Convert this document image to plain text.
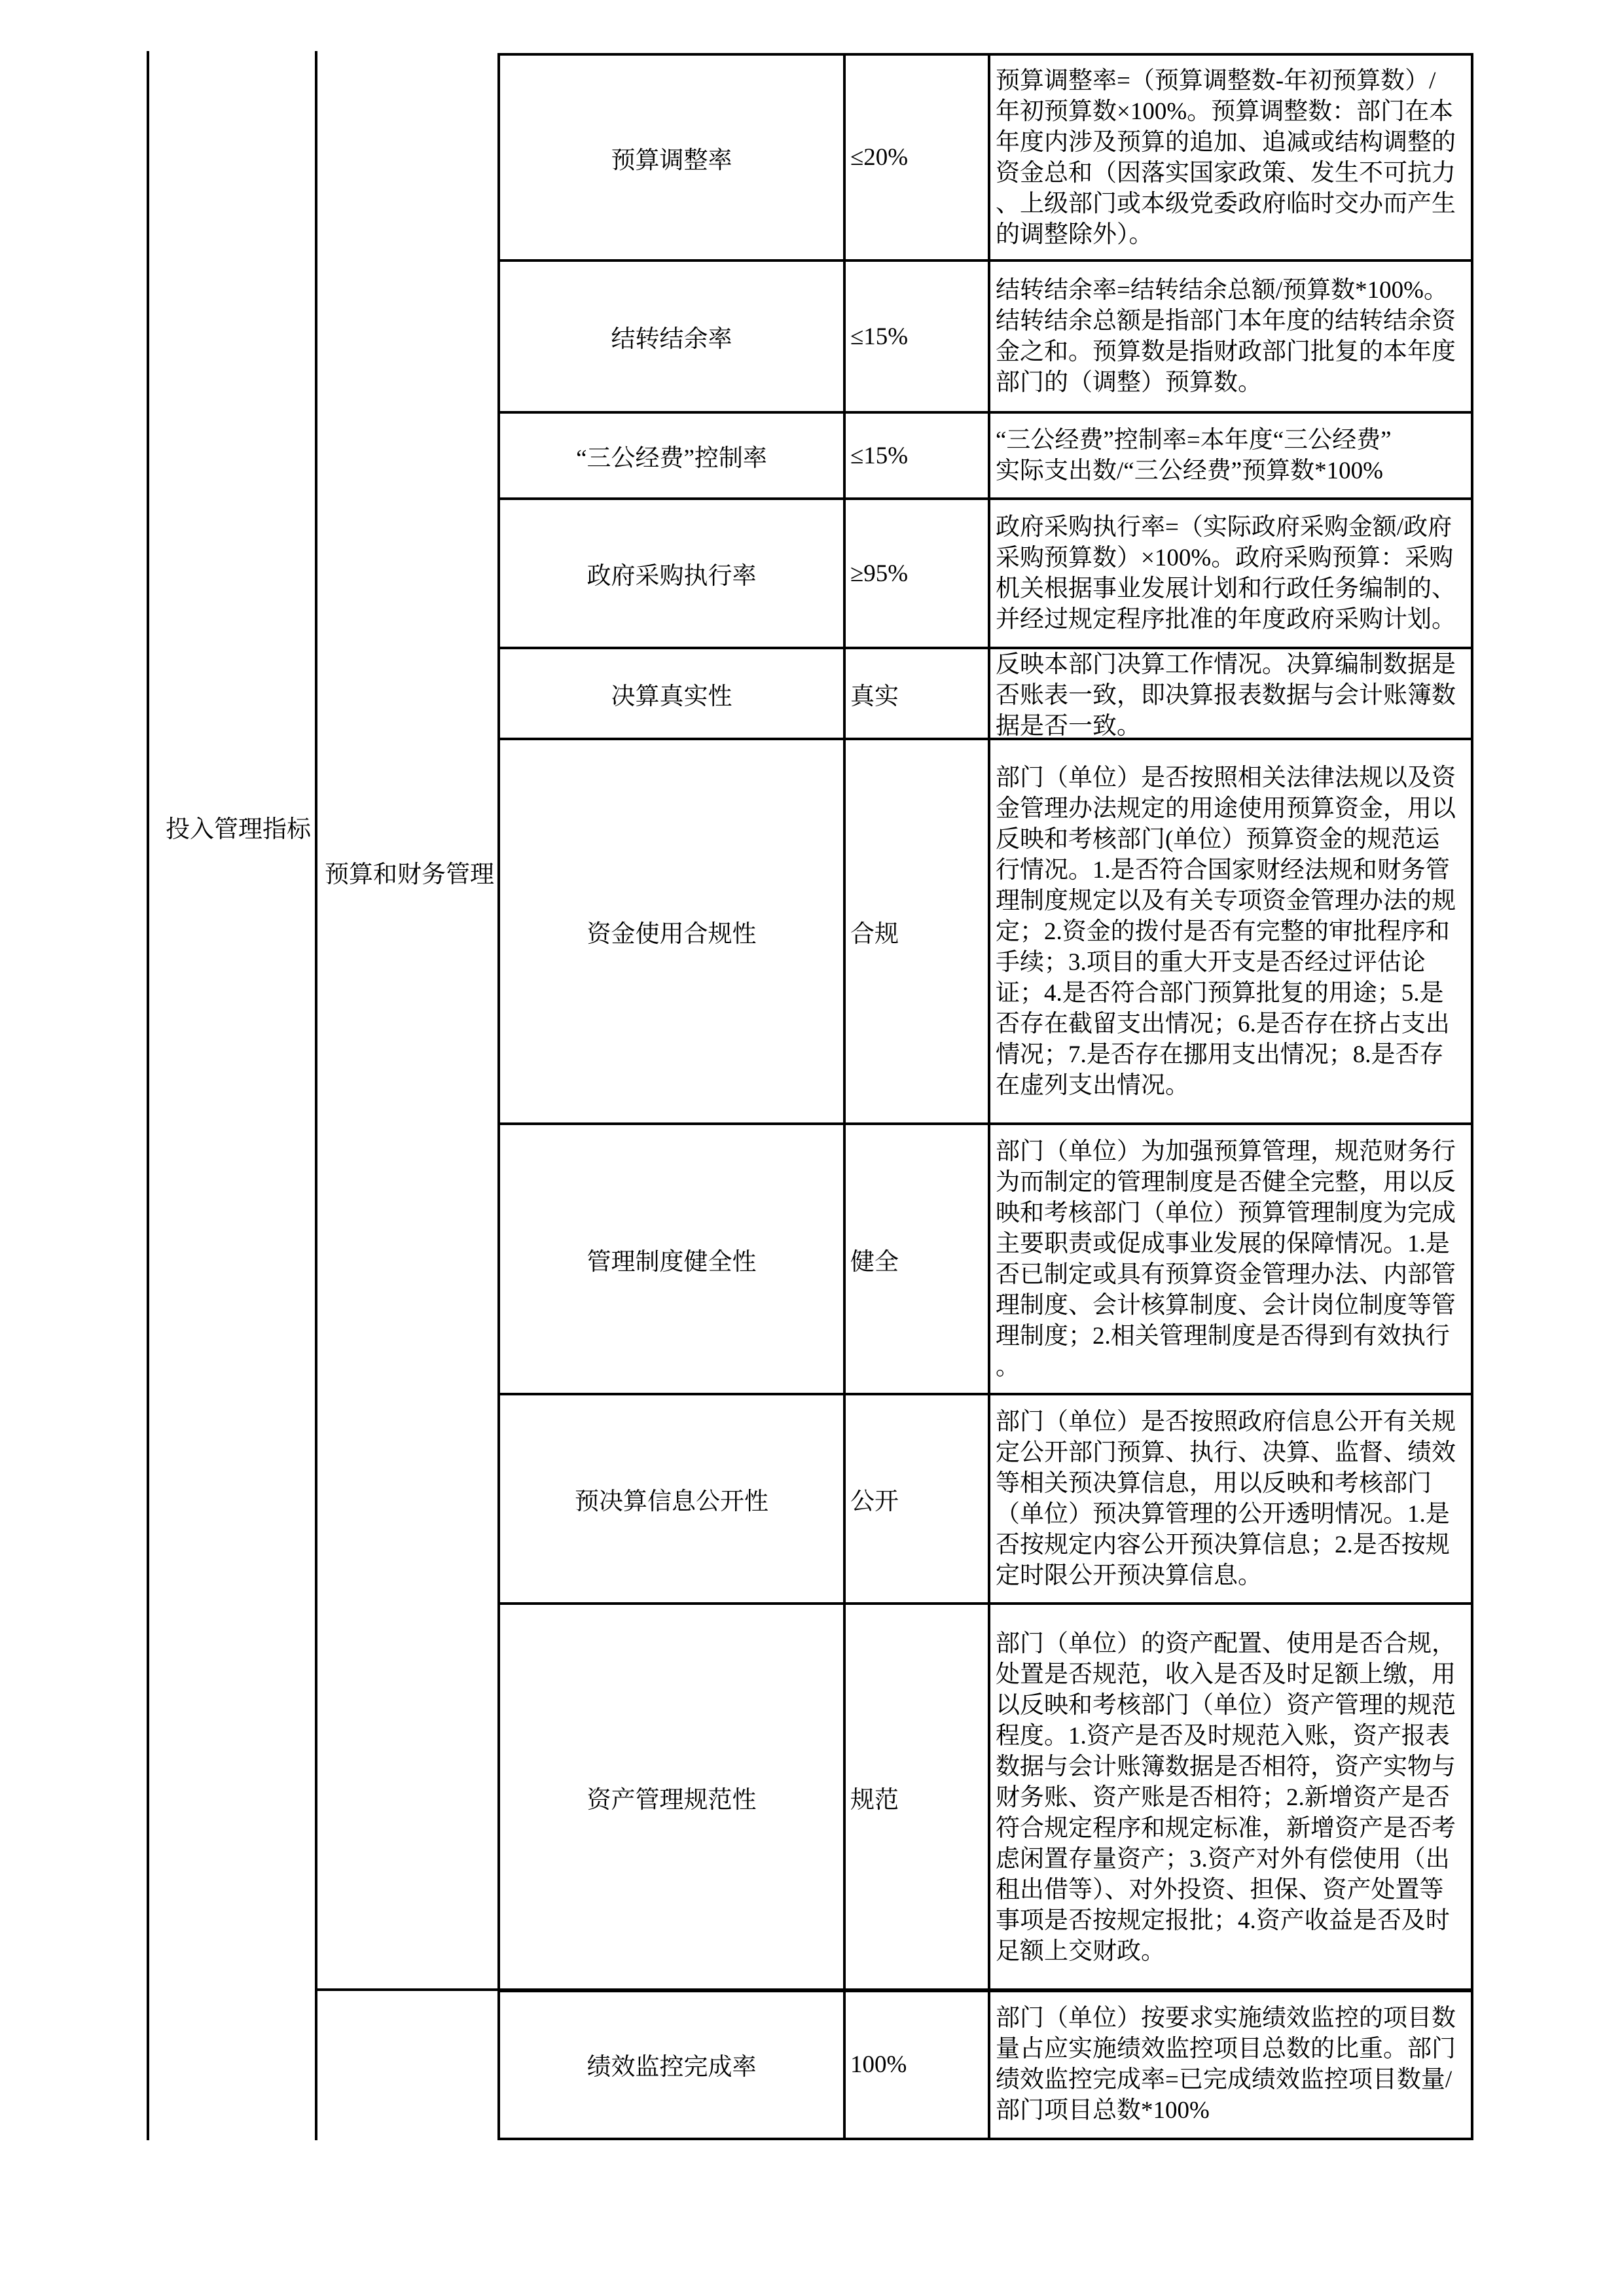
投入管理指标
预算和财务管理
预算调整率	≤20%
预算调整率=（预算调整数-年初预算数）/
年初预算数×100%。预算调整数：部门在本
年度内涉及预算的追加、追减或结构调整的
资金总和（因落实国家政策、发生不可抗力
、上级部门或本级党委政府临时交办而产生
的调整除外）。
结转结余率	≤15%
结转结余率=结转结余总额/预算数*100%。
结转结余总额是指部门本年度的结转结余资
金之和。预算数是指财政部门批复的本年度
部门的（调整）预算数。
“三公经费”控制率	≤15%
“三公经费”控制率=本年度“三公经费”
实际支出数/“三公经费”预算数*100%
政府采购执行率	≥95%
政府采购执行率=（实际政府采购金额/政府
采购预算数）×100%。政府采购预算：采购
机关根据事业发展计划和行政任务编制的、
并经过规定程序批准的年度政府采购计划。
决算真实性	真实
反映本部门决算工作情况。决算编制数据是
否账表一致，即决算报表数据与会计账簿数
据是否一致。
资金使用合规性	合规
部门（单位）是否按照相关法律法规以及资
金管理办法规定的用途使用预算资金，用以
反映和考核部门(单位）预算资金的规范运
行情况。1.是否符合国家财经法规和财务管
理制度规定以及有关专项资金管理办法的规
定；2.资金的拨付是否有完整的审批程序和
手续；3.项目的重大开支是否经过评估论
证；4.是否符合部门预算批复的用途；5.是
否存在截留支出情况；6.是否存在挤占支出
情况；7.是否存在挪用支出情况；8.是否存
在虚列支出情况。
管理制度健全性	健全
部门（单位）为加强预算管理，规范财务行
为而制定的管理制度是否健全完整，用以反
映和考核部门（单位）预算管理制度为完成
主要职责或促成事业发展的保障情况。1.是
否已制定或具有预算资金管理办法、内部管
理制度、会计核算制度、会计岗位制度等管
理制度；2.相关管理制度是否得到有效执行
。
预决算信息公开性	公开
部门（单位）是否按照政府信息公开有关规
定公开部门预算、执行、决算、监督、绩效
等相关预决算信息，用以反映和考核部门
（单位）预决算管理的公开透明情况。1.是
否按规定内容公开预决算信息；2.是否按规
定时限公开预决算信息。
资产管理规范性	规范
部门（单位）的资产配置、使用是否合规，
处置是否规范，收入是否及时足额上缴，用
以反映和考核部门（单位）资产管理的规范
程度。1.资产是否及时规范入账，资产报表
数据与会计账簿数据是否相符，资产实物与
财务账、资产账是否相符；2.新增资产是否
符合规定程序和规定标准，新增资产是否考
虑闲置存量资产；3.资产对外有偿使用（出
租出借等）、对外投资、担保、资产处置等
事项是否按规定报批；4.资产收益是否及时
足额上交财政。
绩效监控完成率	100%
部门（单位）按要求实施绩效监控的项目数
量占应实施绩效监控项目总数的比重。部门
绩效监控完成率=已完成绩效监控项目数量/
部门项目总数*100%
